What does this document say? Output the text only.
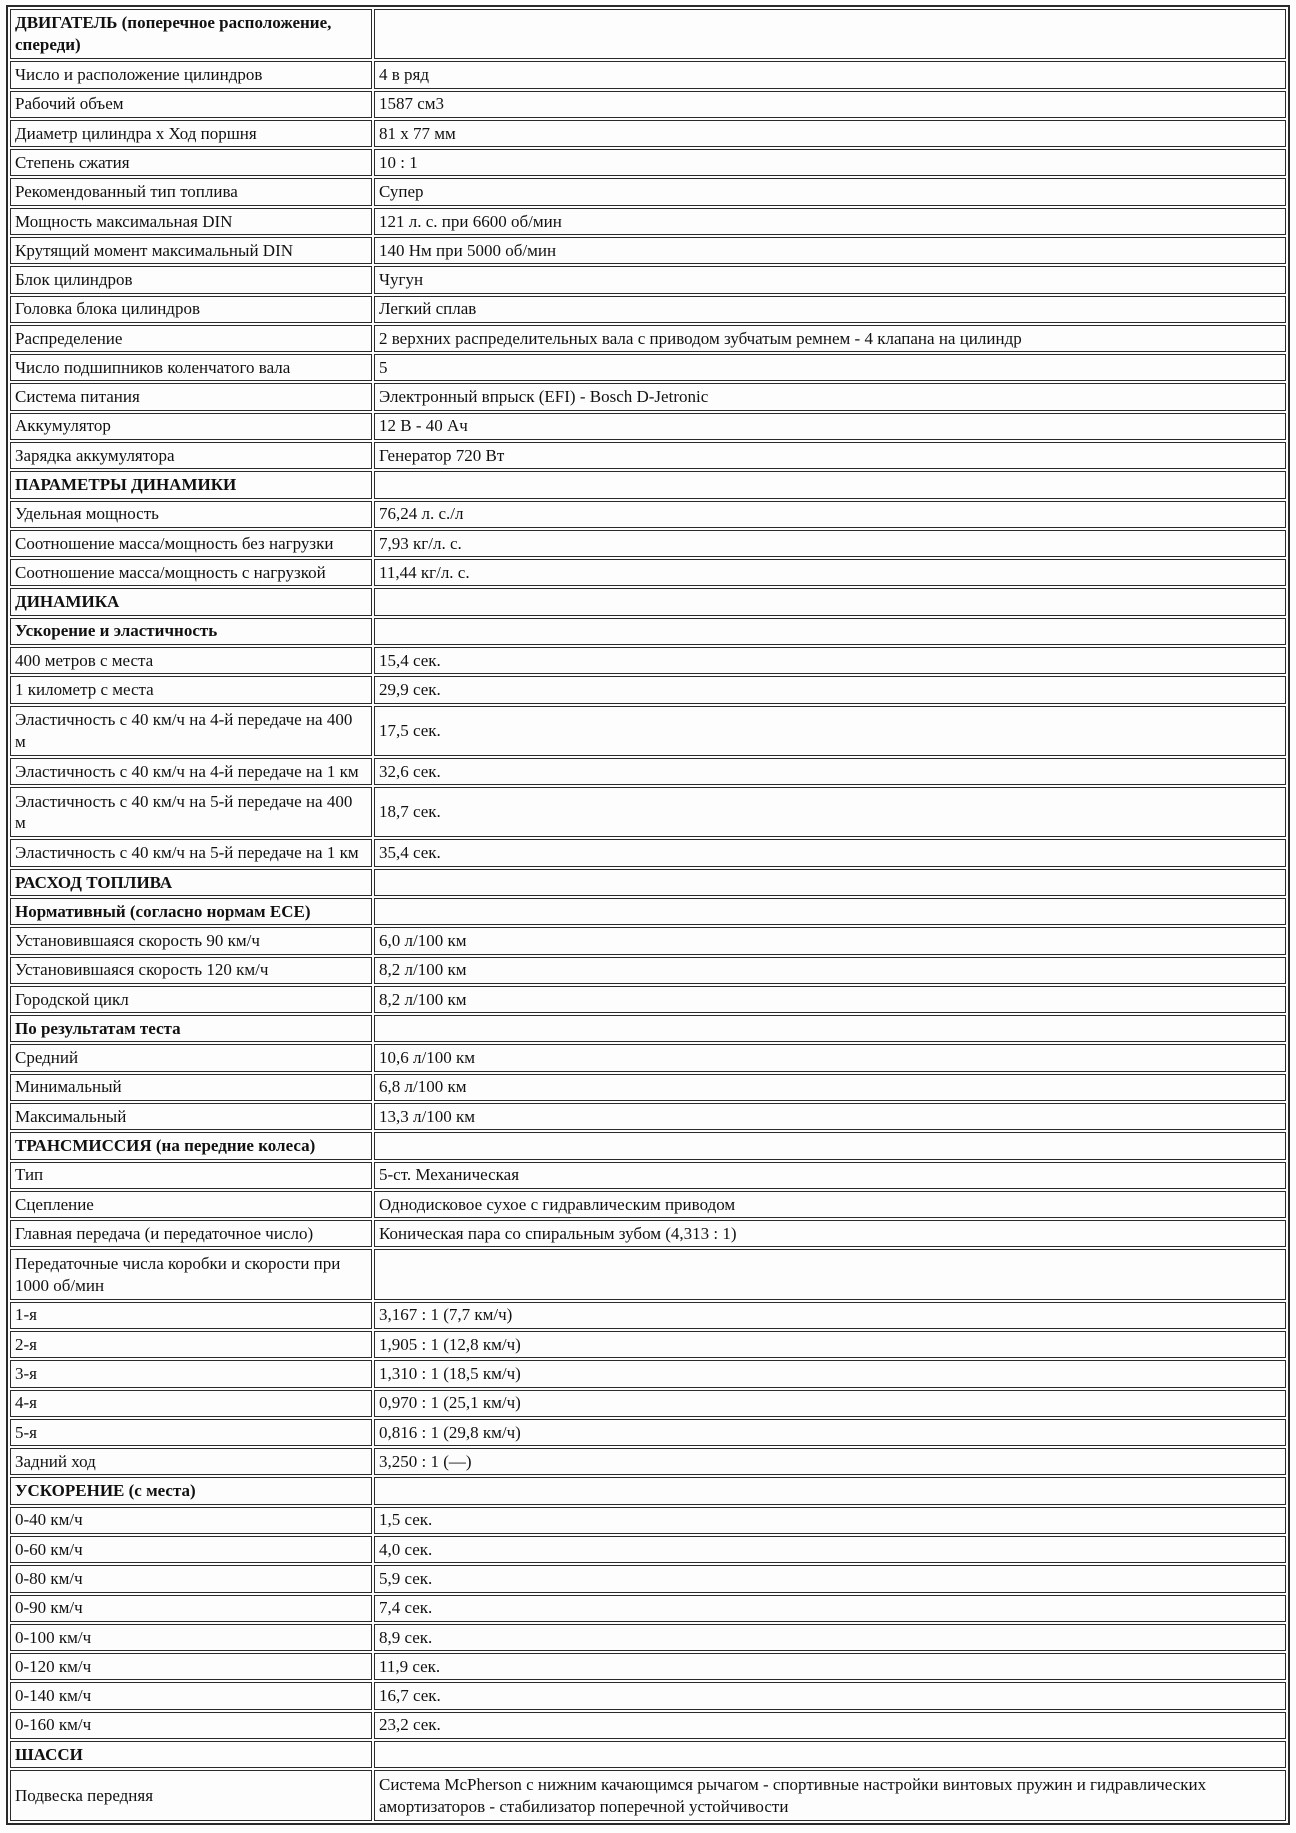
ДВИГАТЕЛЬ (поперечное расположение, спереди)	
Число и расположение цилиндров	4 в ряд
Рабочий объем	1587 см3
Диаметр цилиндра х Ход поршня	81 х 77 мм
Степень сжатия	10 : 1
Рекомендованный тип топлива	Супер
Мощность максимальная DIN	121 л. с. при 6600 об/мин
Крутящий момент максимальный DIN	140 Нм при 5000 об/мин
Блок цилиндров	Чугун
Головка блока цилиндров	Легкий сплав
Распределение	2 верхних распределительных вала с приводом зубчатым ремнем - 4 клапана на цилиндр
Число подшипников коленчатого вала	5
Система питания	Электронный впрыск (EFI) - Bosch D-Jetronic
Аккумулятор	12 В - 40 Ач
Зарядка аккумулятора	Генератор 720 Вт
ПАРАМЕТРЫ ДИНАМИКИ	
Удельная мощность	76,24 л. с./л
Соотношение масса/мощность без нагрузки	7,93 кг/л. с.
Соотношение масса/мощность с нагрузкой	11,44 кг/л. с.
ДИНАМИКА	
Ускорение и эластичность	
400 метров с места	15,4 сек.
1 километр с места	29,9 сек.
Эластичность с 40 км/ч на 4-й передаче на 400 м	17,5 сек.
Эластичность с 40 км/ч на 4-й передаче на 1 км	32,6 сек.
Эластичность с 40 км/ч на 5-й передаче на 400 м	18,7 сек.
Эластичность с 40 км/ч на 5-й передаче на 1 км	35,4 сек.
РАСХОД ТОПЛИВА	
Нормативный (согласно нормам ЕСЕ)	
Установившаяся скорость 90 км/ч	6,0 л/100 км
Установившаяся скорость 120 км/ч	8,2 л/100 км
Городской цикл	8,2 л/100 км
По результатам теста	
Средний	10,6 л/100 км
Минимальный	6,8 л/100 км
Максимальный	13,3 л/100 км
ТРАНСМИССИЯ (на передние колеса)	
Тип	5-ст. Механическая
Сцепление	Однодисковое сухое с гидравлическим приводом
Главная передача (и передаточное число)	Коническая пара со спиральным зубом (4,313 : 1)
Передаточные числа коробки и скорости при 1000 об/мин	
1-я	3,167 : 1 (7,7 км/ч)
2-я	1,905 : 1 (12,8 км/ч)
3-я	1,310 : 1 (18,5 км/ч)
4-я	0,970 : 1 (25,1 км/ч)
5-я	0,816 : 1 (29,8 км/ч)
Задний ход	3,250 : 1 (—)
УСКОРЕНИЕ (с места)	
0-40 км/ч	1,5 сек.
0-60 км/ч	4,0 сек.
0-80 км/ч	5,9 сек.
0-90 км/ч	7,4 сек.
0-100 км/ч	8,9 сек.
0-120 км/ч	11,9 сек.
0-140 км/ч	16,7 сек.
0-160 км/ч	23,2 сек.
ШАССИ	
Подвеска передняя	Система McPherson с нижним качающимся рычагом - спортивные настройки винтовых пружин и гидравлических амортизаторов - стабилизатор поперечной устойчивости
